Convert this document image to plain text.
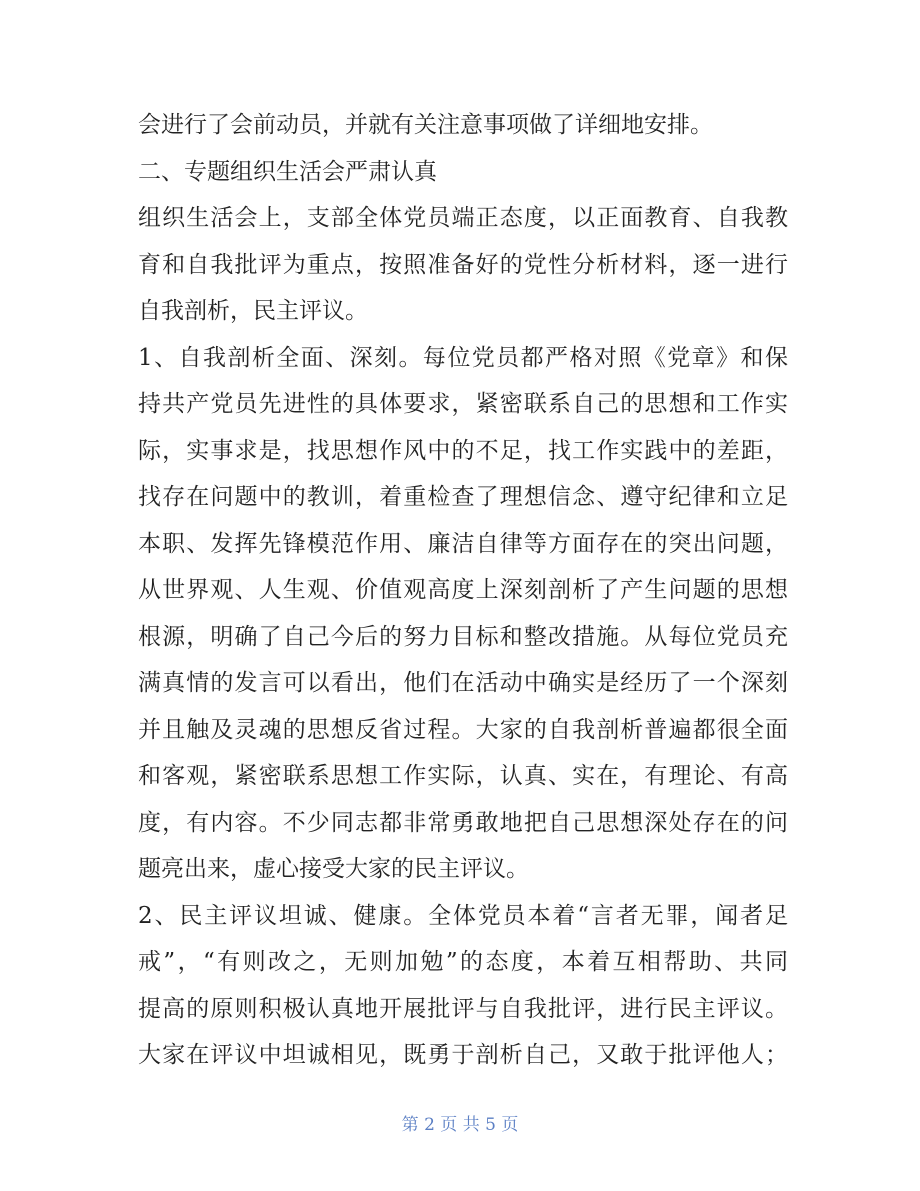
会进行了会前动员，并就有关注意事项做了详细地安排。
二、专题组织生活会严肃认真
组织生活会上，支部全体党员端正态度，以正面教育、自我教
育和自我批评为重点，按照准备好的党性分析材料，逐一进行
自我剖析，民主评议。
1、自我剖析全面、深刻。每位党员都严格对照《党章》和保
持共产党员先进性的具体要求，紧密联系自己的思想和工作实
际，实事求是，找思想作风中的不足，找工作实践中的差距，
找存在问题中的教训，着重检查了理想信念、遵守纪律和立足
本职、发挥先锋模范作用、廉洁自律等方面存在的突出问题，
从世界观、人生观、价值观高度上深刻剖析了产生问题的思想
根源，明确了自己今后的努力目标和整改措施。从每位党员充
满真情的发言可以看出，他们在活动中确实是经历了一个深刻
并且触及灵魂的思想反省过程。大家的自我剖析普遍都很全面
和客观，紧密联系思想工作实际，认真、实在，有理论、有高
度，有内容。不少同志都非常勇敢地把自己思想深处存在的问
题亮出来，虚心接受大家的民主评议。
2、民主评议坦诚、健康。全体党员本着“言者无罪，闻者足
戒”，“有则改之，无则加勉”的态度，本着互相帮助、共同
提高的原则积极认真地开展批评与自我批评，进行民主评议。
大家在评议中坦诚相见，既勇于剖析自己，又敢于批评他人；
第 2 页 共 5 页
